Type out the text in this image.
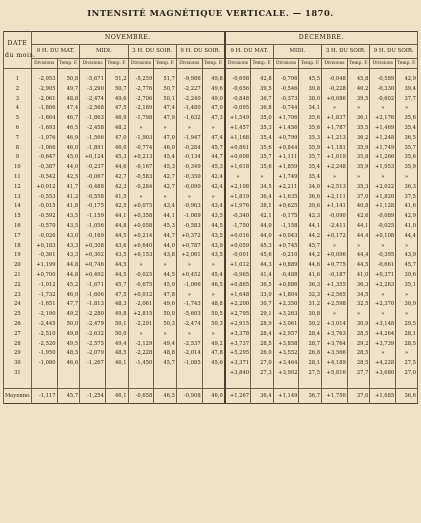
INTENSITÉ MAGNÉTIQUE VERTICALE. — 1870.
DATE
du mois.	NOVEMBRE.								DÉCEMBRE.							
	9 H. DU MAT.		MIDI.		3 H. DU SOIR.		9 H. DU SOIR.		9 H. DU MAT.		MIDI.		3 H. DU SOIR.		9 H. DU SOIR.	
	Divisions	Temp. F.	Divisions	Temp. F.	Divisions	Temp. F.	Divisions	Temp. F.	Divisions	Temp. F.	Divisions	Temp. F.	Divisions	Temp. F.	Divisions	Temp. F.

1	-2,953	50,8	-5,671	51,2	-5,259	51,7	-9,986	49,8	-0,698	42,8	-0,706	45,5	-0,048	45,8	-0,589	42,9
2	-2,905	49,7	-3,290	50,7	-2,776	50,7	-2,227	49,6	-0,656	39,5	-0,546	39,8	-0,228	40,2	-0,330	39,4
3	-2,061	48,8	-2,474	49,6	-2,706	50,1	-2,240	49,0	-0,848	36,7	-0,373	38,0	+0,086	39,5	-0,602	37,7
4	-1,866	47,4	-2,568	47,5	-2,189	47,4	-1,480	47,0	-0,095	36,8	-0,744	34,1	»	»	»	»
5	-1,664	46,7	-1,863	46,9	-1,798	47,9	-1,632	47,3	+1,549	35,0	+1,706	35,6	+1,837	36,1	+2,176	35,6
6	-1,693	46,5	-2,458	48,2	»	»	»	»	+1,457	35,3	+1,456	35,6	+1,787	35,5	+1,469	35,4
7	-1,076	46,9	-1,566	47,0	-1,903	47,0	-1,947	47,4	+1,168	35,4	+0,799	35,3	+1,213	36,2	+1,248	36,5
8	-1,066	46,0	-1,891	46,0	-0,774	46,0	-0,284	45,7	+0,861	35,6	+0,844	35,9	+1,181	35,9	+1,749	35,7
9	-0,647	45,0	+0,124	45,3	+0,213	45,4	-0,134	44,7	+0,608	35,7	+1,111	35,7	+1,019	35,8	+1,266	35,6
10	-0,387	44,0	-0,237	44,6	-0,167	45,3	-0,349	45,3	+1,618	35,6	+1,859	35,4	+2,248	35,9	+1,953	35,9
11	-0,542	42,5	-0,067	42,7	-0,583	42,7	-0,350	42,4	»	»	+1,749	35,4	»	»	»	»
12	+0,012	41,7	-0,488	42,3	-0,284	42,7	-0,090	42,4	+2,108	34,5	+2,211	34,0	+2,513	35,3	+2,022	36,3
13	-0,553	41,2	-0,558	41,5	»	»	»	»	+1,819	36,4	+1,635	36,6	+2,111	37,0	+1,820	37,5
14	-0,015	41,8	-0,175	42,5	+0,075	43,4	-0,963	43,4	+1,976	38,1	+0,625	39,6	+1,141	40,8	+1,128	41,6
15	-0,592	43,5	-1,159	44,1	+0,358	44,1	-1,069	43,5	-0,340	42,1	-0,175	42,3	-0,090	42,6	-0,089	42,9
16	-0,570	43,5	-1,056	44,8	+0,058	45,3	-0,583	44,5	-1,750	44,0	-1,158	44,1	-2,411	44,1	-0,025	41,0
17	-0,026	43,0	-0,169	44,5	+0,214	44,7	+0,372	43,5	+0,016	44,0	+0,043	44,2	+0,172	44,4	+0,108	44,4
18	+0,183	43,3	+0,308	43,6	+0,640	44,0	+0,787	43,9	+0,059	45,3	+0,745	45,7	»	»	»	»
19	-0,361	43,3	+0,302	43,5	+0,153	43,8	+2,061	43,5	-0,001	45,6	-0,210	44,2	+0,096	44,4	-0,395	43,0
20	+1,199	44,8	+0,746	44,5	»	»	»	»	+1,012	44,3	+0,889	44,6	+0,775	44,5	-0,661	45,7
21	+0,700	44,8	+0,492	44,5	-0,025	44,5	+0,452	45,4	-0,965	41,4	-0,488	41,6	-0,187	41,0	+0,371	39,6
22	-1,012	45,2	-1,671	45,7	-0,675	45,9	-1,066	46,5	+0,865	36,5	+0,886	36,3	+1,355	36,3	+2,263	35,1
23	-1,732	46,9	-1,606	47,5	+0,012	47,8	»	»	+1,648	33,0	+1,804	32,3	+2,565	34,5	»	»
24	-1,651	47,7	-1,813	48,3	-2,061	49,6	-1,743	48,8	+2,200	30,7	+2,350	31,2	+2,598	32,5	+2,370	30,9
25	-2,190	49,2	-2,280	49,8	+2,815	50,0	-5,603	50,5	+2,795	29,1	+3,263	30,8	»	»	»	»
26	-2,445	50,0	-2,479	50,1	-2,291	50,3	-2,474	50,3	+2,915	28,9	+3,061	30,2	+3,014	30,9	+3,148	29,5
27	-2,510	49,8	-2,632	50,0	»	»	»	»	+3,378	28,4	+2,957	28,4	+3,763	28,5	+4,264	28,1
28	-2,520	49,5	-2,575	49,4	-2,129	49,4	-2,537	49,2	+3,737	28,5	+3,858	28,7	+3,764	29,2	+3,739	28,5
29	-1,950	48,5	-2,079	48,5	-2,228	48,8	-2,014	47,8	+5,295	26,0	+3,552	26,8	+3,566	28,5	»	»
30	-1,080	46,6	-1,267	46,1	-1,450	45,7	-1,085	45,6	+3,371	27,0	+3,464	28,1	+4,189	28,5	+4,228	27,5
31									+3,840	27,3	+3,902	27,5	+5,816	27,7	+3,680	27,0

Moyenne.	-1,117	45,7	-1,254	46,1	-0,658	46,5	-0,908	46,0	+1,267	36,4	+1,149	36,7	+1,750	37,0	+1,685	36,6
